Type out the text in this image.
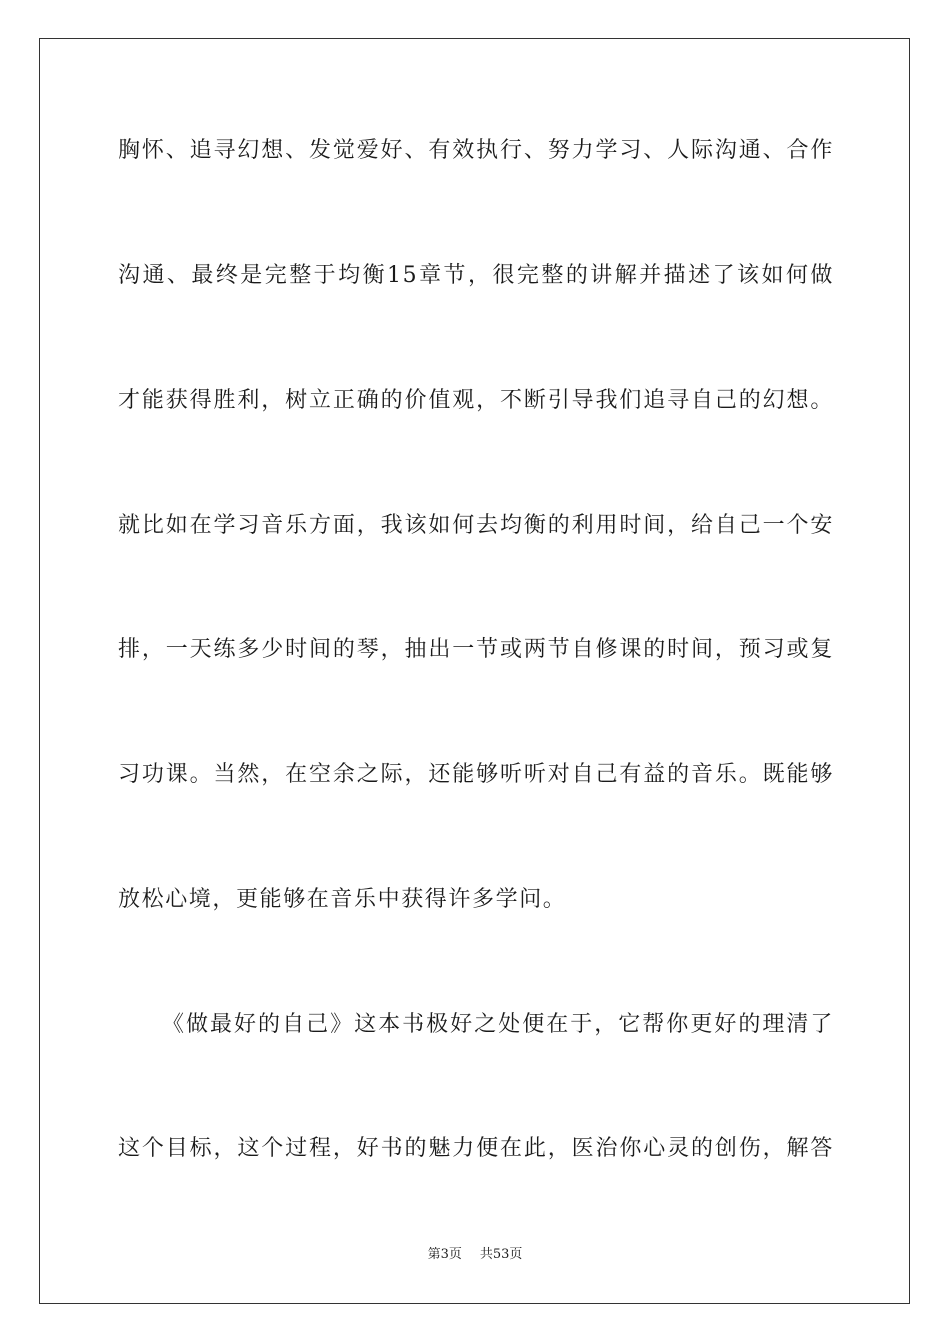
胸怀、追寻幻想、发觉爱好、有效执行、努力学习、人际沟通、合作
沟通、最终是完整于均衡15章节，很完整的讲解并描述了该如何做
才能获得胜利，树立正确的价值观，不断引导我们追寻自己的幻想。
就比如在学习音乐方面，我该如何去均衡的利用时间，给自己一个安
排，一天练多少时间的琴，抽出一节或两节自修课的时间，预习或复
习功课。当然，在空余之际，还能够听听对自己有益的音乐。既能够
放松心境，更能够在音乐中获得许多学问。
《做最好的自己》这本书极好之处便在于，它帮你更好的理清了
这个目标，这个过程，好书的魅力便在此，医治你心灵的创伤，解答
第3页 共53页
